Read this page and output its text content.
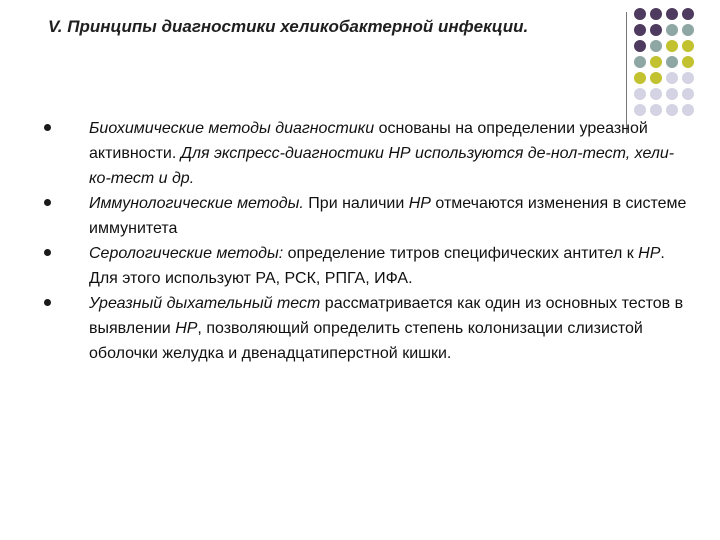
V. Принципы диагностики хеликобактерной инфекции.
Биохимические методы диагностики основаны на определении уреазной активности. Для экспресс-диагностики НР используются де-нол-тест, хели-ко-тест и др.
Иммунологические методы. При наличии НР отмечаются изменения в системе иммунитета
Серологические методы: определение титров специфических антител к НР. Для этого используют РА, РСК, РПГА, ИФА.
Уреазный дыхательный тест рассматривается как один из основных тестов в выявлении НР, позволяющий определить степень колонизации слизистой оболочки желудка и двенадцатиперстной кишки.
